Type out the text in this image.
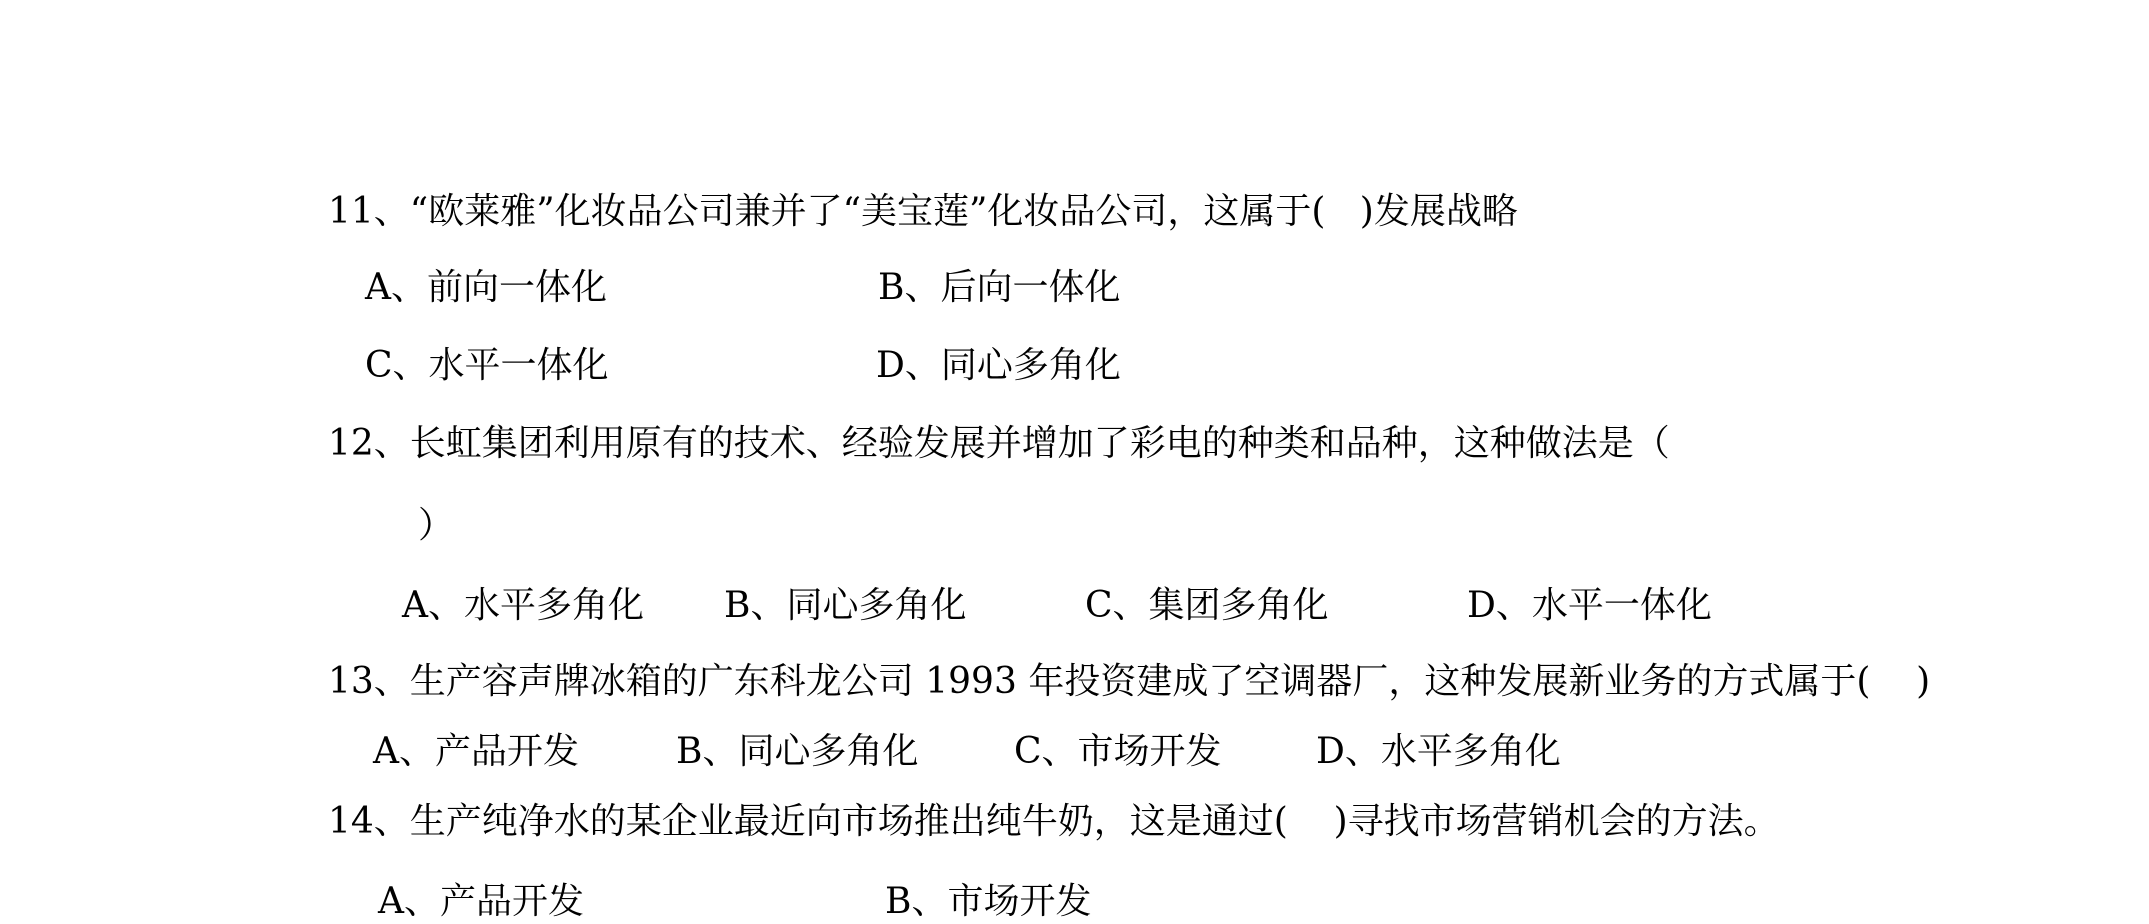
11、“欧莱雅”化妆品公司兼并了“美宝莲”化妆品公司，这属于(   )发展战略
A、前向一体化	B、后向一体化
C、水平一体化	D、同心多角化
12、长虹集团利用原有的技术、经验发展并增加了彩电的种类和品种，这种做法是（
）
A、水平多角化 B、同心多角化	C、集团多角化	D、水平一体化
13、生产容声牌冰箱的广东科龙公司 1993 年投资建成了空调器厂，这种发展新业务的方式属于(    )
A、产品开发	B、同心多角化	C、市场开发	D、水平多角化
14、生产纯净水的某企业最近向市场推出纯牛奶，这是通过(    )寻找市场营销机会的方法。
A、产品开发	B、市场开发
